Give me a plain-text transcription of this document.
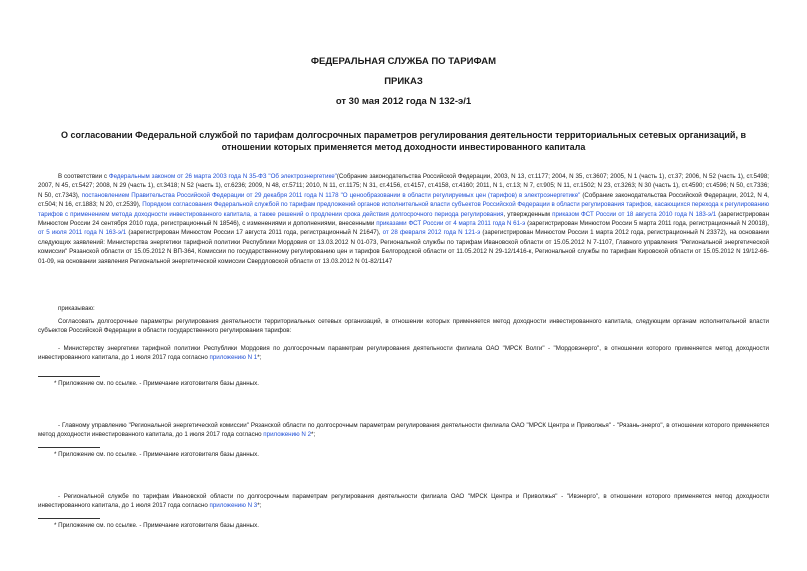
ФЕДЕРАЛЬНАЯ СЛУЖБА ПО ТАРИФАМ
ПРИКАЗ
от 30 мая 2012 года N 132-э/1
О согласовании Федеральной службой по тарифам долгосрочных параметров регулирования деятельности территориальных сетевых организаций, в отношении которых применяется метод доходности инвестированного капитала

В соответствии с Федеральным законом от 26 марта 2003 года N 35-ФЗ "Об электроэнергетике"(Собрание законодательства Российской Федерации, 2003, N 13, ст.1177; 2004, N 35, ст.3607; 2005, N 1 (часть 1), ст.37; 2006, N 52 (часть 1), ст.5498; 2007, N 45, ст.5427; 2008, N 29 (часть 1), ст.3418; N 52 (часть 1), ст.6236; 2009, N 48, ст.5711; 2010, N 11, ст.1175; N 31, ст.4156, ст.4157, ст.4158, ст.4160; 2011, N 1, ст.13; N 7, ст.905; N 11, ст.1502; N 23, ст.3263; N 30 (часть 1), ст.4590; ст.4596; N 50, ст.7336; N 50, ст.7343), постановлением Правительства Российской Федерации от 29 декабря 2011 года N 1178 "О ценообразовании в области регулируемых цен (тарифов) в электроэнергетике" (Собрание законодательства Российской Федерации, 2012, N 4, ст.504; N 16, ст.1883; N 20, ст.2539), Порядком согласования Федеральной службой по тарифам предложений органов исполнительной власти субъектов Российской Федерации в области регулирования тарифов, касающихся перехода к регулированию тарифов с применением метода доходности инвестированного капитала, а также решений о продлении срока действия долгосрочного периода регулирования, утвержденным приказом ФСТ России от 18 августа 2010 года N 183-э/1 (зарегистрирован Минюстом России 24 сентября 2010 года, регистрационный N 18546), с изменениями и дополнениями, внесенными приказами ФСТ России от 4 марта 2011 года N 61-э (зарегистрирован Минюстом России 5 марта 2011 года, регистрационный N 20018), от 5 июля 2011 года N 163-э/1 (зарегистрирован Минюстом России 17 августа 2011 года, регистрационный N 21647), от 28 февраля 2012 года N 121-э (зарегистрирован Минюстом России 1 марта 2012 года, регистрационный N 23372), на основании следующих заявлений: Министерства энергетики тарифной политики Республики Мордовия от 13.03.2012 N 01-073, Региональной службы по тарифам Ивановской области от 15.05.2012 N 7-1107, Главного управления "Региональной энергетической комиссии" Рязанской области от 15.05.2012 N ВП-364, Комиссии по государственному регулированию цен и тарифов Белгородской области от 11.05.2012 N 29-12/1416-к, Региональной службы по тарифам Кировской области от 15.05.2012 N 19/12-66-01-09, на основании заявления Региональной энергетической комиссии Свердловской области от 13.03.2012 N 01-82/1147

приказываю:

Согласовать долгосрочные параметры регулирования деятельности территориальных сетевых организаций, в отношении которых применяется метод доходности инвестированного капитала, следующим органам исполнительной власти субъектов Российской Федерации в области государственного регулирования тарифов:

- Министерству энергетики тарифной политики Республики Мордовия по долгосрочным параметрам регулирования деятельности филиала ОАО "МРСК Волги" - "Мордовэнерго", в отношении которого применяется метод доходности инвестированного капитала, до 1 июля 2017 года согласно приложению N 1*;

* Приложение см. по ссылке. - Примечание изготовителя базы данных.

- Главному управлению "Региональной энергетической комиссии" Рязанской области по долгосрочным параметрам регулирования деятельности филиала ОАО "МРСК Центра и Приволжья" - "Рязань-энерго", в отношении которого применяется метод доходности инвестированного капитала, до 1 июля 2017 года согласно приложению N 2*;

* Приложение см. по ссылке. - Примечание изготовителя базы данных.

- Региональной службе по тарифам Ивановской области по долгосрочным параметрам регулирования деятельности филиала ОАО "МРСК Центра и Приволжья" - "Ивэнерго", в отношении которого применяется метод доходности инвестированного капитала, до 1 июля 2017 года согласно приложению N 3*;

* Приложение см. по ссылке. - Примечание изготовителя базы данных.
